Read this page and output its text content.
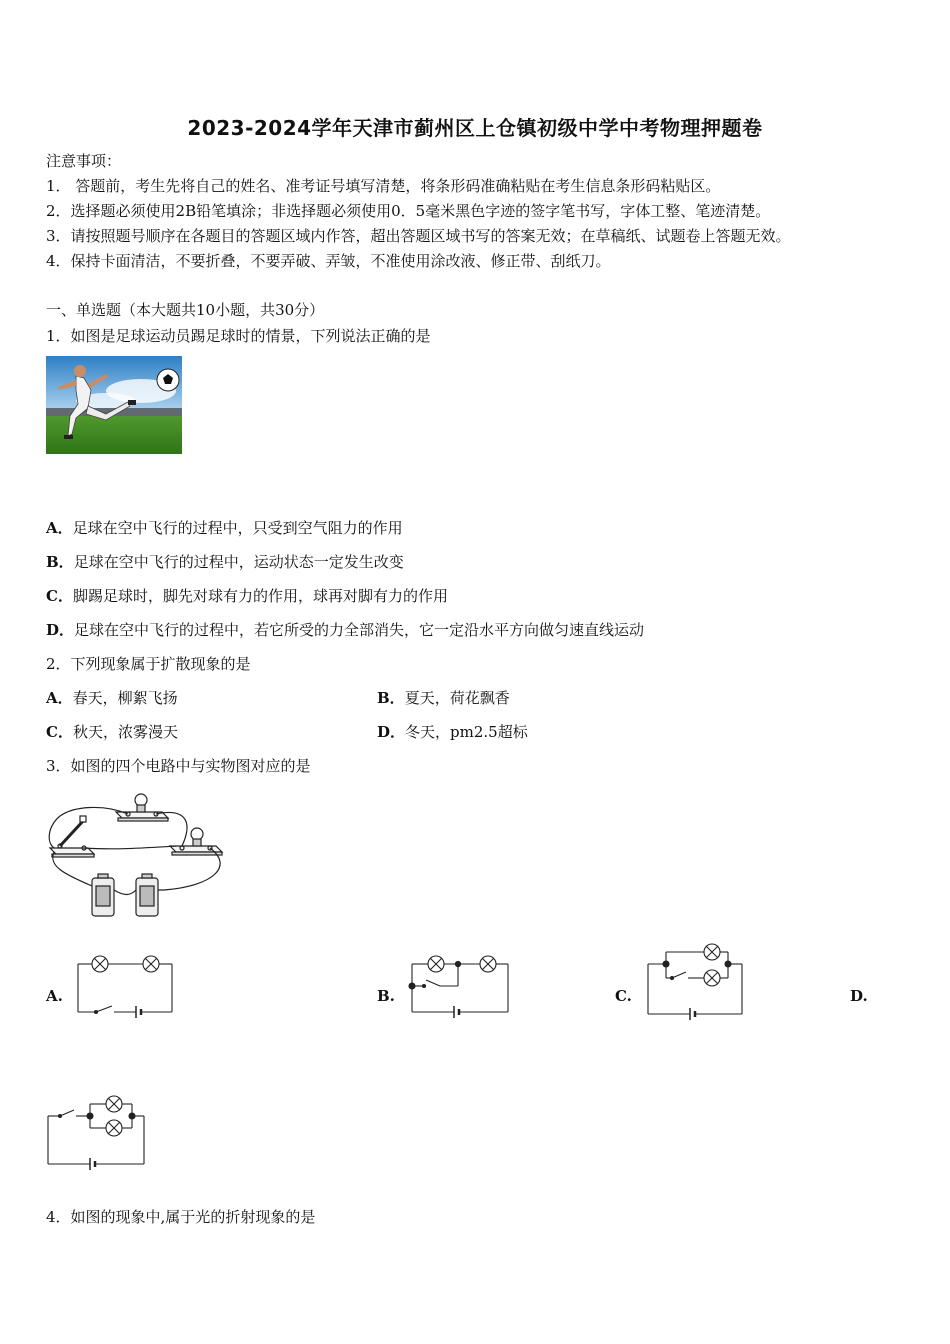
2023-2024学年天津市蓟州区上仓镇初级中学中考物理押题卷
注意事项：
1． 答题前，考生先将自己的姓名、准考证号填写清楚，将条形码准确粘贴在考生信息条形码粘贴区。
2．选择题必须使用2B铅笔填涂；非选择题必须使用0．5毫米黑色字迹的签字笔书写，字体工整、笔迹清楚。
3．请按照题号顺序在各题目的答题区域内作答，超出答题区域书写的答案无效；在草稿纸、试题卷上答题无效。
4．保持卡面清洁，不要折叠，不要弄破、弄皱，不准使用涂改液、修正带、刮纸刀。
一、单选题（本大题共10小题，共30分）
1．如图是足球运动员踢足球时的情景，下列说法正确的是
A．足球在空中飞行的过程中，只受到空气阻力的作用
B．足球在空中飞行的过程中，运动状态一定发生改变
C．脚踢足球时，脚先对球有力的作用，球再对脚有力的作用
D．足球在空中飞行的过程中，若它所受的力全部消失，它一定沿水平方向做匀速直线运动
2．下列现象属于扩散现象的是
A．春天，柳絮飞扬	B．夏天，荷花飘香
C．秋天，浓雾漫天	D．冬天，pm2.5超标
3．如图的四个电路中与实物图对应的是
A.	B.	C.	D.
4．如图的现象中,属于光的折射现象的是
